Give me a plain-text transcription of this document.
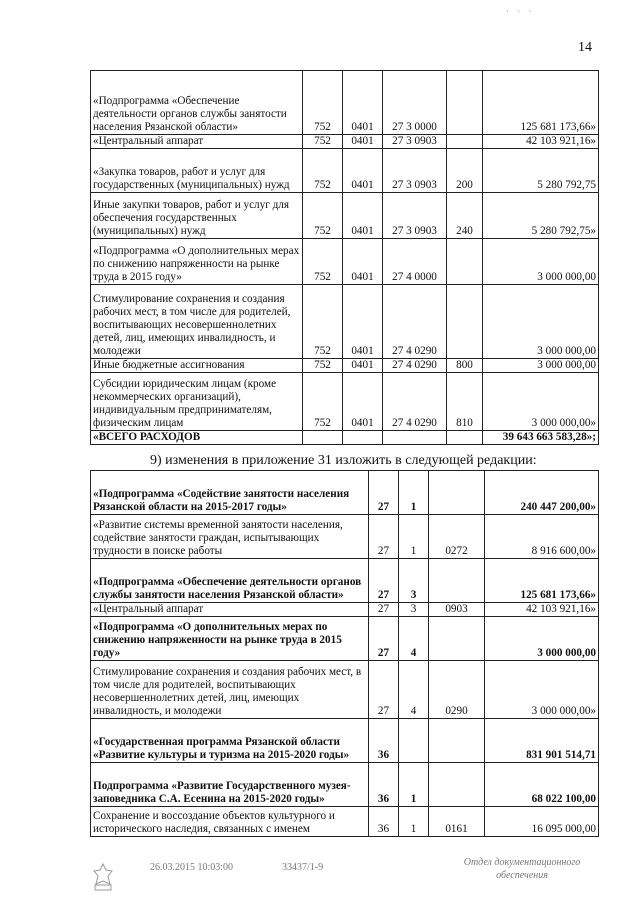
· · ·
14
«Подпрограмма «Обеспечение деятельности органов службы занятости населения Рязанской области»	752	0401	27 3 0000		125 681 173,66»
«Центральный аппарат	752	0401	27 3 0903		42 103 921,16»
«Закупка товаров, работ и услуг для государственных (муниципальных) нужд	752	0401	27 3 0903	200	5 280 792,75
Иные закупки товаров, работ и услуг для обеспечения государственных (муниципальных) нужд	752	0401	27 3 0903	240	5 280 792,75»
«Подпрограмма «О дополнительных мерах по снижению напряженности на рынке труда в 2015 году»	752	0401	27 4 0000		3 000 000,00
Стимулирование сохранения и создания рабочих мест, в том числе для родителей, воспитывающих несовершеннолетних детей, лиц, имеющих инвалидность, и молодежи	752	0401	27 4 0290		3 000 000,00
Иные бюджетные ассигнования	752	0401	27 4 0290	800	3 000 000,00
Субсидии юридическим лицам (кроме некоммерческих организаций), индивидуальным предпринимателям, физическим лицам	752	0401	27 4 0290	810	3 000 000,00»
«ВСЕГО РАСХОДОВ					39 643 663 583,28»;
9) изменения в приложение 31 изложить в следующей редакции:
«Подпрограмма «Содействие занятости населения Рязанской области на 2015-2017 годы»	27	1		240 447 200,00»
«Развитие системы временной занятости населения, содействие занятости граждан, испытывающих трудности в поиске работы	27	1	0272	8 916 600,00»
«Подпрограмма «Обеспечение деятельности органов службы занятости населения Рязанской области»	27	3		125 681 173,66»
«Центральный аппарат	27	3	0903	42 103 921,16»
«Подпрограмма «О дополнительных мерах по снижению напряженности на рынке труда в 2015 году»	27	4		3 000 000,00
Стимулирование сохранения и создания рабочих мест, в том числе для родителей, воспитывающих несовершеннолетних детей, лиц, имеющих инвалидность, и молодежи	27	4	0290	3 000 000,00»
«Государственная программа Рязанской области «Развитие культуры и туризма на 2015-2020 годы»	36			831 901 514,71
Подпрограмма «Развитие Государственного музея-заповедника С.А. Есенина на 2015-2020 годы»	36	1		68 022 100,00
Сохранение и воссоздание объектов культурного и исторического наследия, связанных с именем	36	1	0161	16 095 000,00
26.03.2015 10:03:00	33437/1-9	Отдел документационного обеспечения
